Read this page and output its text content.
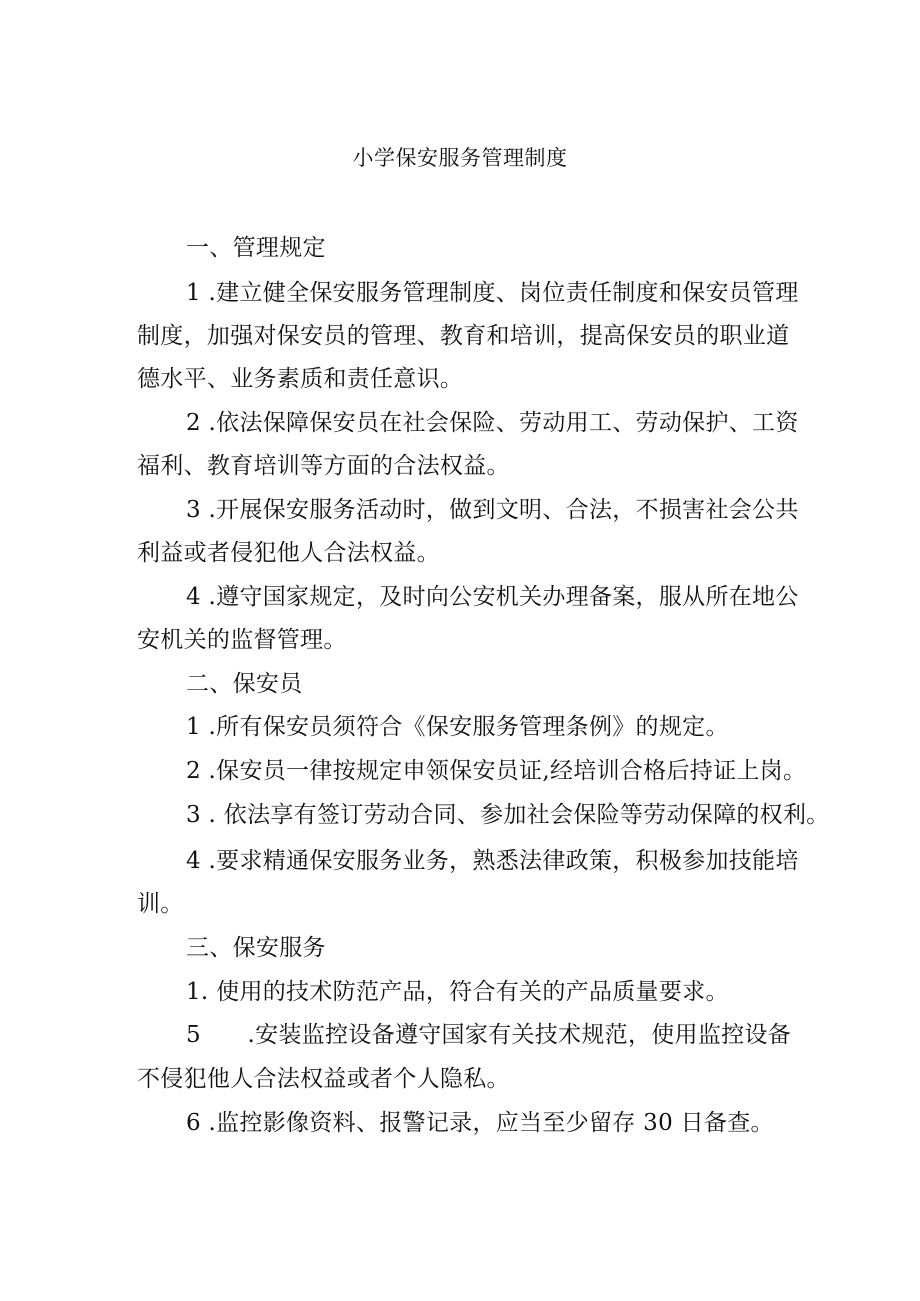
小学保安服务管理制度
一、管理规定
1 .建立健全保安服务管理制度、岗位责任制度和保安员管理
制度，加强对保安员的管理、教育和培训，提高保安员的职业道
德水平、业务素质和责任意识。
2 .依法保障保安员在社会保险、劳动用工、劳动保护、工资
福利、教育培训等方面的合法权益。
3 .开展保安服务活动时，做到文明、合法，不损害社会公共
利益或者侵犯他人合法权益。
4 .遵守国家规定，及时向公安机关办理备案，服从所在地公
安机关的监督管理。
二、保安员
1 .所有保安员须符合《保安服务管理条例》的规定。
2 .保安员一律按规定申领保安员证,经培训合格后持证上岗。
3 . 依法享有签订劳动合同、参加社会保险等劳动保障的权利。
4 .要求精通保安服务业务，熟悉法律政策，积极参加技能培
训。
三、保安服务
1. 使用的技术防范产品，符合有关的产品质量要求。
5　　.安装监控设备遵守国家有关技术规范，使用监控设备
不侵犯他人合法权益或者个人隐私。
6 .监控影像资料、报警记录，应当至少留存 30 日备查。
